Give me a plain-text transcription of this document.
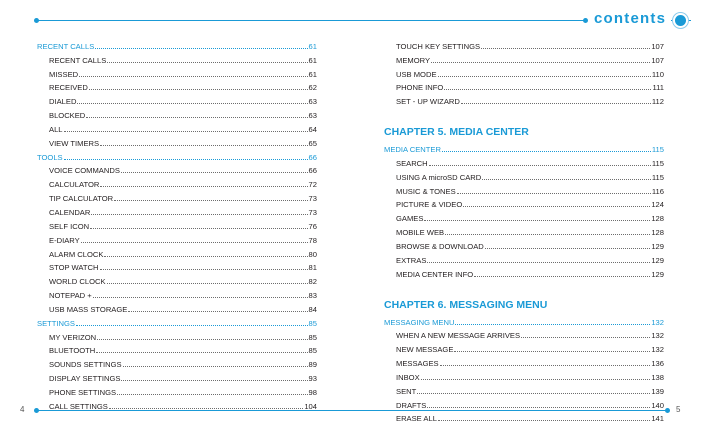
contents
4	5
RECENT CALLS	61
RECENT CALLS	61
MISSED	61
RECEIVED	62
DIALED	63
BLOCKED	63
ALL	64
VIEW TIMERS	65
TOOLS	66
VOICE COMMANDS	66
CALCULATOR	72
TIP CALCULATOR	73
CALENDAR	73
SELF ICON	76
E-DIARY	78
ALARM CLOCK	80
STOP WATCH	81
WORLD CLOCK	82
NOTEPAD +	83
USB MASS STORAGE	84
SETTINGS	85
MY VERIZON	85
BLUETOOTH	85
SOUNDS SETTINGS	89
DISPLAY SETTINGS	93
PHONE SETTINGS	98
CALL SETTINGS	104
TOUCH KEY SETTINGS	107
MEMORY	107
USB MODE	110
PHONE INFO	111
SET - UP WIZARD	112
CHAPTER 5. MEDIA CENTER
MEDIA CENTER	115
SEARCH	115
USING A microSD CARD	115
MUSIC & TONES	116
PICTURE & VIDEO	124
GAMES	128
MOBILE WEB	128
BROWSE & DOWNLOAD	129
EXTRAS	129
MEDIA CENTER INFO	129
CHAPTER 6. MESSAGING MENU
MESSAGING MENU	132
WHEN A NEW MESSAGE ARRIVES	132
NEW MESSAGE	132
MESSAGES	136
INBOX	138
SENT	139
DRAFTS	140
ERASE ALL	141
